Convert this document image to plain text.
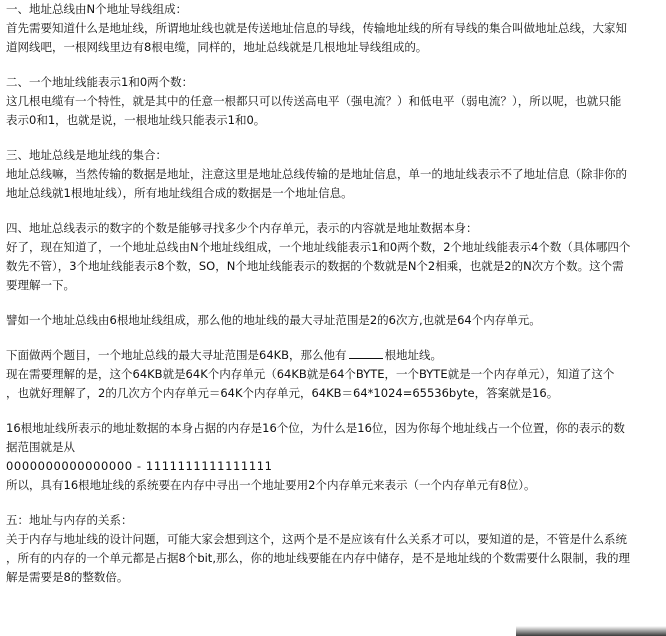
一、地址总线由N个地址导线组成：
首先需要知道什么是地址线，所谓地址线也就是传送地址信息的导线，传输地址线的所有导线的集合叫做地址总线，大家知
道网线吧，一根网线里边有8根电缆，同样的，地址总线就是几根地址导线组成的。
二、一个地址线能表示1和0两个数：
这几根电缆有一个特性，就是其中的任意一根都只可以传送高电平（强电流？）和低电平（弱电流？），所以呢，也就只能
表示0和1，也就是说，一根地址线只能表示1和0。
三、地址总线是地址线的集合：
地址总线嘛，当然传输的数据是地址，注意这里是地址总线传输的是地址信息，单一的地址线表示不了地址信息（除非你的
地址总线就1根地址线），所有地址线组合成的数据是一个地址信息。
四、地址总线表示的数字的个数是能够寻找多少个内存单元，表示的内容就是地址数据本身：
好了，现在知道了，一个地址总线由N个地址线组成，一个地址线能表示1和0两个数，2个地址线能表示4个数（具体哪四个
数先不管），3个地址线能表示8个数，SO，N个地址线能表示的数据的个数就是N个2相乘，也就是2的N次方个数。这个需
要理解一下。
譬如一个地址总线由6根地址线组成，那么他的地址线的最大寻址范围是2的6次方,也就是64个内存单元。
下面做两个题目，一个地址总线的最大寻址范围是64KB，那么他有	根地址线。
现在需要理解的是，这个64KB就是64K个内存单元（64KB就是64个BYTE，一个BYTE就是一个内存单元），知道了这个
，也就好理解了，2的几次方个内存单元＝64K个内存单元，64KB＝64*1024=65536byte，答案就是16。
16根地址线所表示的地址数据的本身占据的内存是16个位，为什么是16位，因为你每个地址线占一个位置，你的表示的数
据范围就是从
0000000000000000 - 1111111111111111
所以，具有16根地址线的系统要在内存中寻出一个地址要用2个内存单元来表示（一个内存单元有8位）。
五：地址与内存的关系：
关于内存与地址线的设计问题，可能大家会想到这个，这两个是不是应该有什么关系才可以，要知道的是，不管是什么系统
，所有的内存的一个单元都是占据8个bit,那么，你的地址线要能在内存中储存，是不是地址线的个数需要什么限制，我的理
解是需要是8的整数倍。
